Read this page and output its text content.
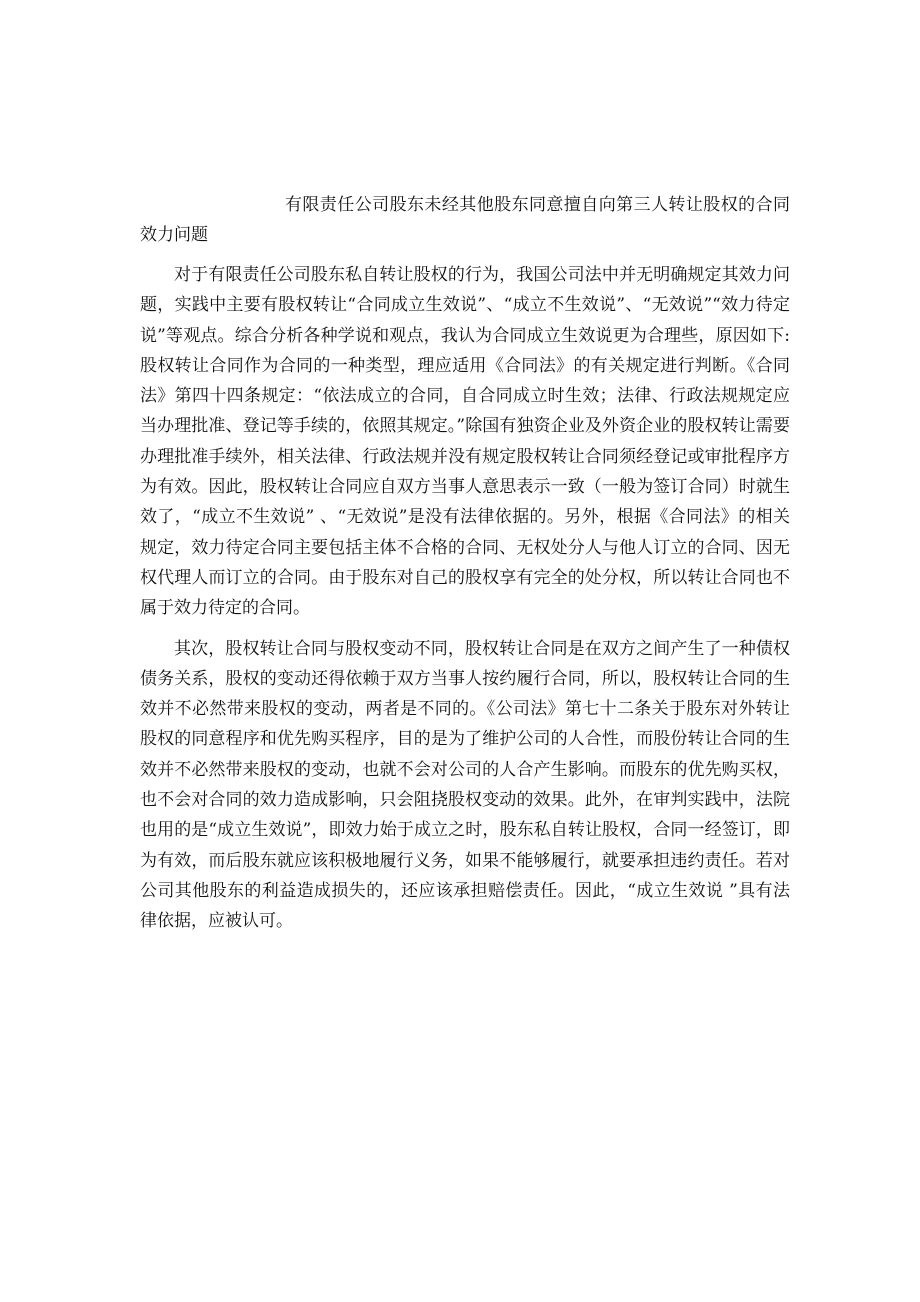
有限责任公司股东未经其他股东同意擅自向第三人转让股权的合同效力问题

对于有限责任公司股东私自转让股权的行为，我国公司法中并无明确规定其效力问题，实践中主要有股权转让“合同成立生效说”、“成立不生效说”、“无效说”“效力待定说”等观点。综合分析各种学说和观点，我认为合同成立生效说更为合理些，原因如下:股权转让合同作为合同的一种类型，理应适用《合同法》的有关规定进行判断。《合同法》第四十四条规定：“依法成立的合同，自合同成立时生效；法律、行政法规规定应当办理批准、登记等手续的，依照其规定。”除国有独资企业及外资企业的股权转让需要办理批准手续外，相关法律、行政法规并没有规定股权转让合同须经登记或审批程序方为有效。因此，股权转让合同应自双方当事人意思表示一致（一般为签订合同）时就生效了，“成立不生效说” 、“无效说”是没有法律依据的。另外，根据《合同法》的相关规定，效力待定合同主要包括主体不合格的合同、无权处分人与他人订立的合同、因无权代理人而订立的合同。由于股东对自己的股权享有完全的处分权，所以转让合同也不属于效力待定的合同。

其次，股权转让合同与股权变动不同，股权转让合同是在双方之间产生了一种债权债务关系，股权的变动还得依赖于双方当事人按约履行合同，所以，股权转让合同的生效并不必然带来股权的变动，两者是不同的。《公司法》第七十二条关于股东对外转让股权的同意程序和优先购买程序，目的是为了维护公司的人合性，而股份转让合同的生效并不必然带来股权的变动，也就不会对公司的人合产生影响。而股东的优先购买权，也不会对合同的效力造成影响，只会阻挠股权变动的效果。此外，在审判实践中，法院也用的是“成立生效说”，即效力始于成立之时，股东私自转让股权，合同一经签订，即为有效，而后股东就应该积极地履行义务，如果不能够履行，就要承担违约责任。若对公司其他股东的利益造成损失的，还应该承担赔偿责任。因此，“成立生效说 ”具有法律依据，应被认可。
